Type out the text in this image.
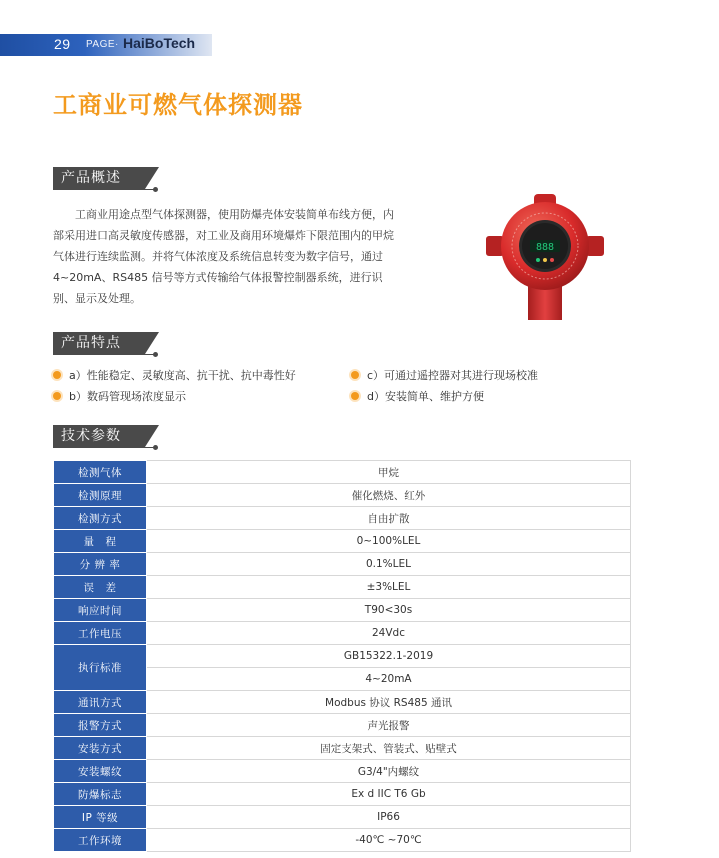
29 PAGE· HaiBoTech
工商业可燃气体探测器
产品概述
工商业用途点型气体探测器，使用防爆壳体安装简单布线方便，内部采用进口高灵敏度传感器，对工业及商用环境爆炸下限范围内的甲烷气体进行连续监测。并将气体浓度及系统信息转变为数字信号，通过 4~20mA、RS485 信号等方式传输给气体报警控制器系统，进行识别、显示及处理。
888
产品特点
a）性能稳定、灵敏度高、抗干扰、抗中毒性好
b）数码管现场浓度显示
c）可通过遥控器对其进行现场校准
d）安装简单、维护方便
技术参数
检测气体	甲烷
检测原理	催化燃烧、红外
检测方式	自由扩散
量　程	0~100%LEL
分 辨 率	0.1%LEL
误　差	±3%LEL
响应时间	T90<30s
工作电压	24Vdc
执行标准	GB15322.1-2019
	4~20mA
通讯方式	Modbus 协议 RS485 通讯
报警方式	声光报警
安装方式	固定支架式、管装式、贴壁式
安装螺纹	G3/4"内螺纹
防爆标志	Ex d IIC T6 Gb
IP 等级	IP66
工作环境	-40℃ ~70℃
